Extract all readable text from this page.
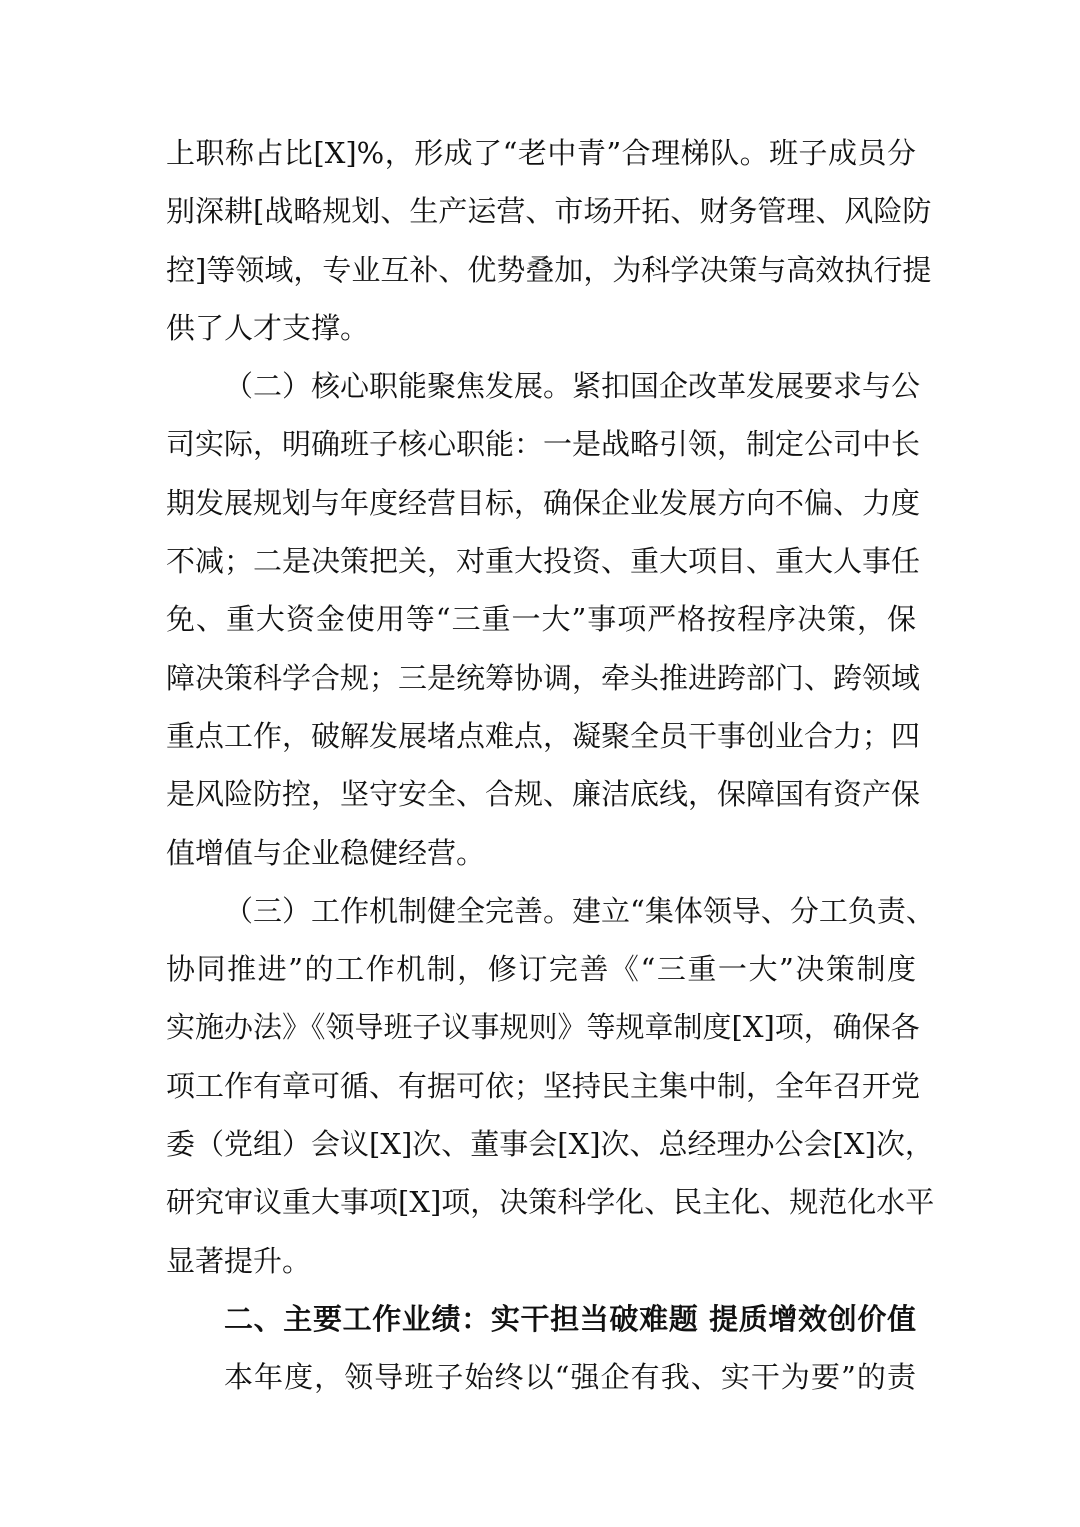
上职称占比[X]%，形成了“老中青”合理梯队。班子成员分
别深耕[战略规划、生产运营、市场开拓、财务管理、风险防
控]等领域，专业互补、优势叠加，为科学决策与高效执行提
供了人才支撑。
（二）核心职能聚焦发展。紧扣国企改革发展要求与公
司实际，明确班子核心职能：一是战略引领，制定公司中长
期发展规划与年度经营目标，确保企业发展方向不偏、力度
不减；二是决策把关，对重大投资、重大项目、重大人事任
免、重大资金使用等“三重一大”事项严格按程序决策，保
障决策科学合规；三是统筹协调，牵头推进跨部门、跨领域
重点工作，破解发展堵点难点，凝聚全员干事创业合力；四
是风险防控，坚守安全、合规、廉洁底线，保障国有资产保
值增值与企业稳健经营。
（三）工作机制健全完善。建立“集体领导、分工负责、
协同推进”的工作机制，修订完善《“三重一大”决策制度
实施办法》《领导班子议事规则》等规章制度[X]项，确保各
项工作有章可循、有据可依；坚持民主集中制，全年召开党
委（党组）会议[X]次、董事会[X]次、总经理办公会[X]次，
研究审议重大事项[X]项，决策科学化、民主化、规范化水平
显著提升。
二、主要工作业绩：实干担当破难题 提质增效创价值
本年度，领导班子始终以“强企有我、实干为要”的责
